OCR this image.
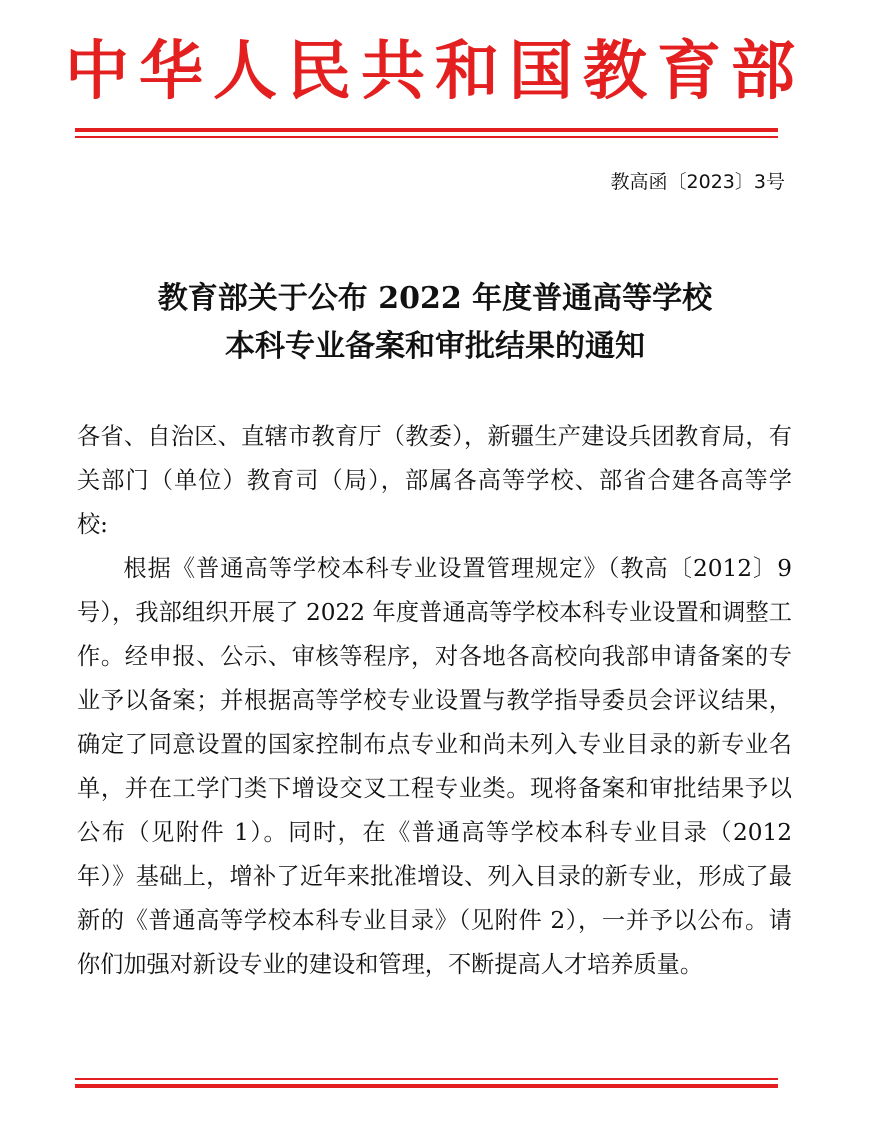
中华人民共和国教育部
教高函〔2023〕3号
教育部关于公布 2022 年度普通高等学校
本科专业备案和审批结果的通知

各省、自治区、直辖市教育厅（教委），新疆生产建设兵团教育局，有关部门（单位）教育司（局），部属各高等学校、部省合建各高等学校:

根据《普通高等学校本科专业设置管理规定》（教高〔2012〕9号），我部组织开展了 2022 年度普通高等学校本科专业设置和调整工作。经申报、公示、审核等程序，对各地各高校向我部申请备案的专业予以备案；并根据高等学校专业设置与教学指导委员会评议结果，确定了同意设置的国家控制布点专业和尚未列入专业目录的新专业名单，并在工学门类下增设交叉工程专业类。现将备案和审批结果予以公布（见附件 1）。同时，在《普通高等学校本科专业目录（2012 年）》基础上，增补了近年来批准增设、列入目录的新专业，形成了最新的《普通高等学校本科专业目录》（见附件 2），一并予以公布。请你们加强对新设专业的建设和管理，不断提高人才培养质量。
